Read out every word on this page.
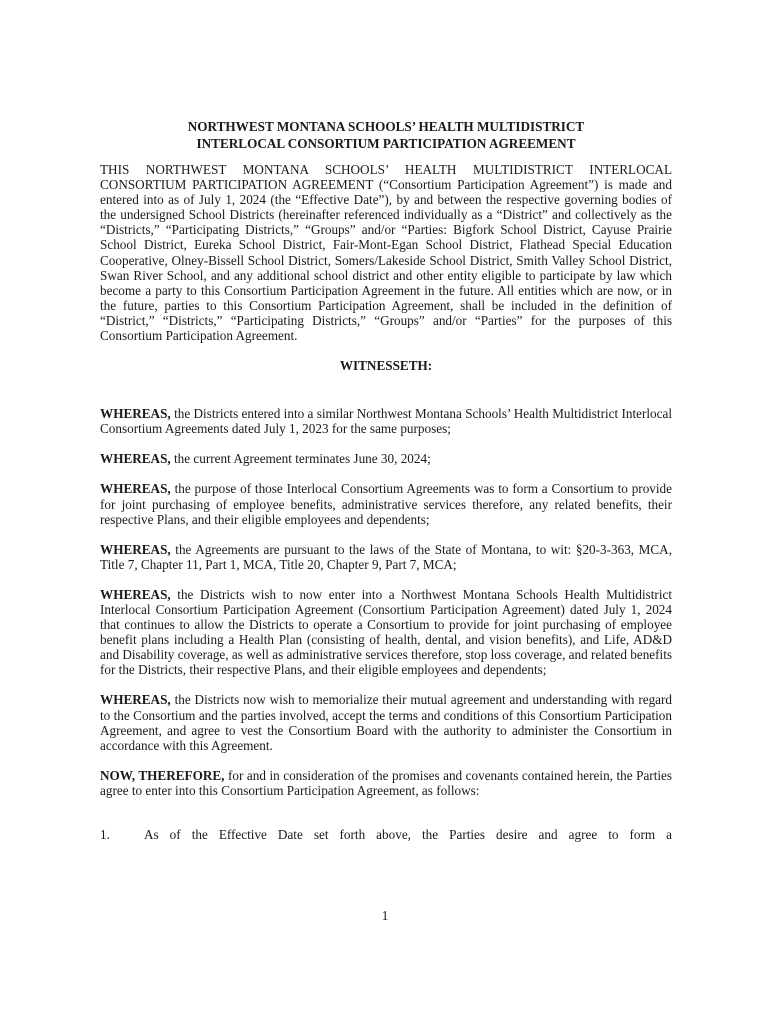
NORTHWEST MONTANA SCHOOLS’ HEALTH MULTIDISTRICT
INTERLOCAL CONSORTIUM PARTICIPATION AGREEMENT

THIS NORTHWEST MONTANA SCHOOLS’ HEALTH MULTIDISTRICT INTERLOCAL CONSORTIUM PARTICIPATION AGREEMENT (“Consortium Participation Agreement”) is made and entered into as of July 1, 2024 (the “Effective Date”), by and between the respective governing bodies of the undersigned School Districts (hereinafter referenced individually as a “District” and collectively as the “Districts,” “Participating Districts,” “Groups” and/or “Parties: Bigfork School District, Cayuse Prairie School District, Eureka School District, Fair-Mont-Egan School District, Flathead Special Education Cooperative, Olney-Bissell School District, Somers/Lakeside School District, Smith Valley School District, Swan River School, and any additional school district and other entity eligible to participate by law which become a party to this Consortium Participation Agreement in the future. All entities which are now, or in the future, parties to this Consortium Participation Agreement, shall be included in the definition of “District,” “Districts,” “Participating Districts,” “Groups” and/or “Parties” for the purposes of this Consortium Participation Agreement.

WITNESSETH:

WHEREAS, the Districts entered into a similar Northwest Montana Schools’ Health Multidistrict Interlocal Consortium Agreements dated July 1, 2023 for the same purposes;

WHEREAS, the current Agreement terminates June 30, 2024;

WHEREAS, the purpose of those Interlocal Consortium Agreements was to form a Consortium to provide for joint purchasing of employee benefits, administrative services therefore, any related benefits, their respective Plans, and their eligible employees and dependents;

WHEREAS, the Agreements are pursuant to the laws of the State of Montana, to wit: §20-3-363, MCA, Title 7, Chapter 11, Part 1, MCA, Title 20, Chapter 9, Part 7, MCA;

WHEREAS, the Districts wish to now enter into a Northwest Montana Schools Health Multidistrict Interlocal Consortium Participation Agreement (Consortium Participation Agreement) dated July 1, 2024 that continues to allow the Districts to operate a Consortium to provide for joint purchasing of employee benefit plans including a Health Plan (consisting of health, dental, and vision benefits), and Life, AD&D and Disability coverage, as well as administrative services therefore, stop loss coverage, and related benefits for the Districts, their respective Plans, and their eligible employees and dependents;

WHEREAS, the Districts now wish to memorialize their mutual agreement and understanding with regard to the Consortium and the parties involved, accept the terms and conditions of this Consortium Participation Agreement, and agree to vest the Consortium Board with the authority to administer the Consortium in accordance with this Agreement.

NOW, THEREFORE, for and in consideration of the promises and covenants contained herein, the Parties agree to enter into this Consortium Participation Agreement, as follows:

1.	As of the Effective Date set forth above, the Parties desire and agree to form a
1
